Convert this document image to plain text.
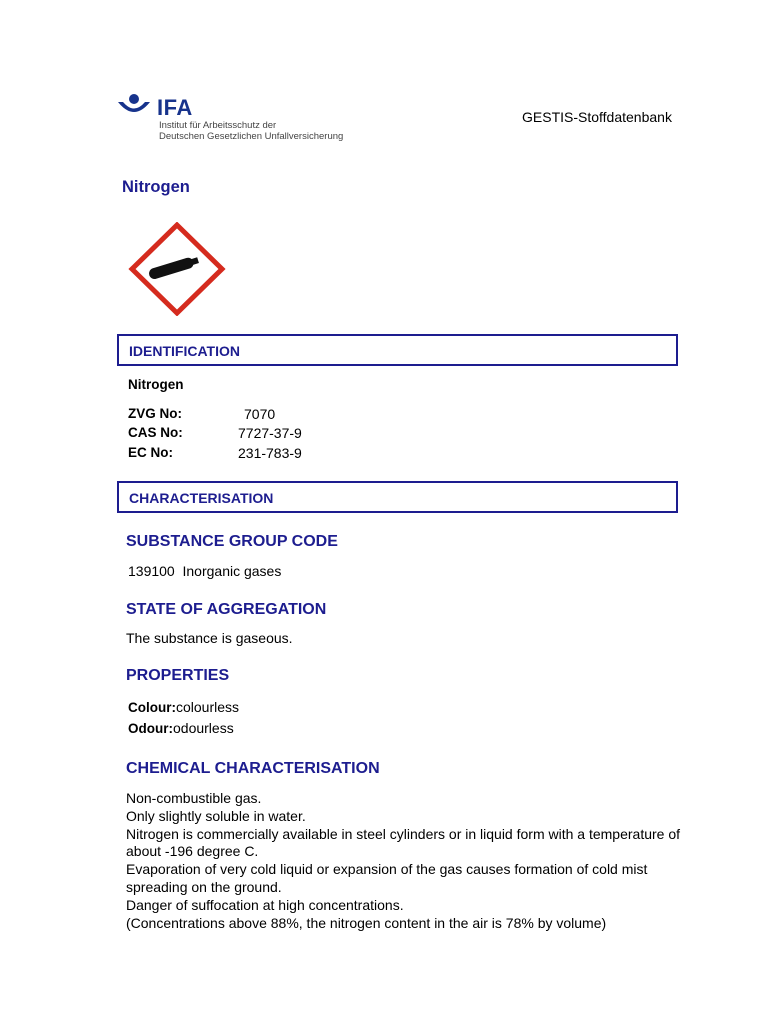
IFA
Institut für Arbeitsschutz der
Deutschen Gesetzlichen Unfallversicherung
GESTIS-Stoffdatenbank
Nitrogen
IDENTIFICATION
Nitrogen
ZVG No:	7070
CAS No:	7727-37-9
EC No:	231-783-9
CHARACTERISATION
SUBSTANCE GROUP CODE
139100  Inorganic gases
STATE OF AGGREGATION
The substance is gaseous.
PROPERTIES
Colour:colourless
Odour:odourless
CHEMICAL CHARACTERISATION
Non-combustible gas.
Only slightly soluble in water.
Nitrogen is commercially available in steel cylinders or in liquid form with a temperature of about -196 degree C.
Evaporation of very cold liquid or expansion of the gas causes formation of cold mist spreading on the ground.
Danger of suffocation at high concentrations.
(Concentrations above 88%, the nitrogen content in the air is 78% by volume)
